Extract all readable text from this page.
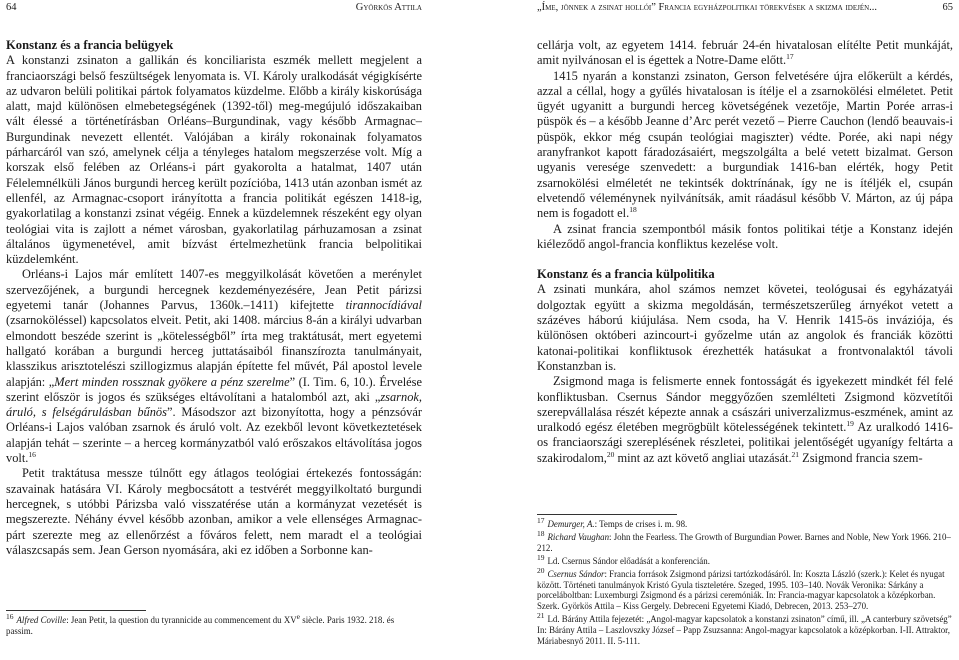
64	Györkös Attila
Konstanz és a francia belügyek

A konstanzi zsinaton a gallikán és konciliarista eszmék mellett megjelent a franciaországi belső feszültségek lenyomata is. VI. Károly uralkodását végigkísérte az udvaron belüli politikai pártok folyamatos küzdelme. Előbb a király kiskorúsága alatt, majd különösen elmebetegségének (1392-től) meg-megújuló időszakaiban vált élessé a történetírásban Orléans–Burgundinak, vagy később Armagnac–Burgundinak nevezett ellentét. Valójában a király rokonainak folyamatos párharcáról van szó, amelynek célja a tényleges hatalom megszerzése volt. Míg a korszak első felében az Orléans-i párt gyakorolta a hatalmat, 1407 után Félelemnélküli János burgundi herceg került pozícióba, 1413 után azonban ismét az ellenfél, az Armagnac-csoport irányította a francia politikát egészen 1418-ig, gyakorlatilag a konstanzi zsinat végéig. Ennek a küzdelemnek részeként egy olyan teológiai vita is zajlott a német városban, gyakorlatilag párhuzamosan a zsinat általános ügymenetével, amit bízvást értelmezhetünk francia belpolitikai küzdelemként.

Orléans-i Lajos már említett 1407-es meggyilkolását követően a merénylet szervezőjének, a burgundi hercegnek kezdeményezésére, Jean Petit párizsi egyetemi tanár (Johannes Parvus, 1360k.–1411) kifejtette tirannocídiával (zsarnoköléssel) kapcsolatos elveit. Petit, aki 1408. március 8-án a királyi udvarban elmondott beszéde szerint is „kötelességből” írta meg traktátusát, mert egyetemi hallgató korában a burgundi herceg juttatásaiból finanszírozta tanulmányait, klasszikus arisztotelészi szillogizmus alapján építette fel művét, Pál apostol levele alapján: „Mert minden rossznak gyökere a pénz szerelme” (I. Tim. 6, 10.). Érvelése szerint először is jogos és szükséges eltávolítani a hatalomból azt, aki „zsarnok, áruló, s felségárulásban bűnös”. Másodszor azt bizonyította, hogy a pénzsóvár Orléans-i Lajos valóban zsarnok és áruló volt. Az ezekből levont következtetések alapján tehát – szerinte – a herceg kormányzatból való erőszakos eltávolítása jogos volt.$^{16}$

Petit traktátusa messze túlnőtt egy átlagos teológiai értekezés fontosságán: szavainak hatására VI. Károly megbocsátott a testvérét meggyilkoltató burgundi hercegnek, s utóbbi Párizsba való visszatérése után a kormányzat vezetését is megszerezte. Néhány évvel később azonban, amikor a vele ellenséges Armagnac-párt szerezte meg az ellenőrzést a főváros felett, nem maradt el a teológiai válaszcsapás sem. Jean Gerson nyomására, aki ez időben a Sorbonne kan-

$^{16}$ Alfred Coville: Jean Petit, la question du tyrannicide au commencement du XVe siècle. Paris 1932. 218. és passim.

„Íme, jönnek a zsinat hollói” Francia egyházpolitikai törekvések a skizma idején...	65

cellárja volt, az egyetem 1414. február 24-én hivatalosan elítélte Petit munkáját, amit nyilvánosan el is égettek a Notre-Dame előtt.$^{17}$

1415 nyarán a konstanzi zsinaton, Gerson felvetésére újra előkerült a kérdés, azzal a céllal, hogy a gyűlés hivatalosan is ítélje el a zsarnokölési elméletet. Petit ügyét ugyanitt a burgundi herceg követségének vezetője, Martin Porée arras-i püspök és – a később Jeanne d’Arc perét vezető – Pierre Cauchon (lendő beauvais-i püspök, ekkor még csupán teológiai magiszter) védte. Porée, aki napi négy aranyfrankot kapott fáradozásaiért, megszolgálta a belé vetett bizalmat. Gerson ugyanis veresége szenvedett: a burgundiak 1416-ban elérték, hogy Petit zsarnokölési elméletét ne tekintsék doktrínának, így ne is ítéljék el, csupán elvetendő véleménynek nyilvánítsák, amit ráadásul később V. Márton, az új pápa nem is fogadott el.$^{18}$

A zsinat francia szempontból másik fontos politikai tétje a Konstanz idején kiéleződő angol-francia konfliktus kezelése volt.

Konstanz és a francia külpolitika

A zsinati munkára, ahol számos nemzet követei, teológusai és egyházatyái dolgoztak együtt a skizma megoldásán, természetszerűleg árnyékot vetett a százéves háború kiújulása. Nem csoda, ha V. Henrik 1415-ös inváziója, és különösen októberi azincourt-i győzelme után az angolok és franciák közötti katonai-politikai konfliktusok érezhették hatásukat a frontvonalaktól távoli Konstanzban is.

Zsigmond maga is felismerte ennek fontosságát és igyekezett mindkét fél felé konfliktusban. Csernus Sándor meggyőzően szemlélteti Zsigmond közvetítői szerepvállalása részét képezte annak a császári univerzalizmus-eszmének, amint az uralkodó egész életében megrögbült kötelességének tekintett.$^{19}$ Az uralkodó 1416-os franciaországi szereplésének részletei, politikai jelentőségét ugyanígy feltárta a szakirodalom,$^{20}$ mint az azt követő angliai utazását.$^{21}$ Zsigmond francia szem-

$^{17}$ Demurger, A.: Temps de crises i. m. 98.

$^{18}$ Richard Vaughan: John the Fearless. The Growth of Burgundian Power. Barnes and Noble, New York 1966. 210–212.

$^{19}$ Ld. Csernus Sándor előadását a konferencián.

$^{20}$ Csernus Sándor: Francia források Zsigmond párizsi tartózkodásáról. In: Koszta László (szerk.): Kelet és nyugat között. Történeti tanulmányok Kristó Gyula tiszteletére. Szeged, 1995. 103–140. Novák Veronika: Sárkány a porceláboltban: Luxemburgi Zsigmond és a párizsi ceremóniák. In: Francia-magyar kapcsolatok a középkorban. Szerk. Györkös Attila – Kiss Gergely. Debreceni Egyetemi Kiadó, Debrecen, 2013. 253–270.

$^{21}$ Ld. Bárány Attila fejezetét: „Angol-magyar kapcsolatok a konstanzi zsinaton” című, ill. „A canterbury szövetség” In: Bárány Attila – Laszlovszky József – Papp Zsuzsanna: Angol-magyar kapcsolatok a középkorban. I-II. Attraktor, Máriabesnyő 2011. II. 5-111.
